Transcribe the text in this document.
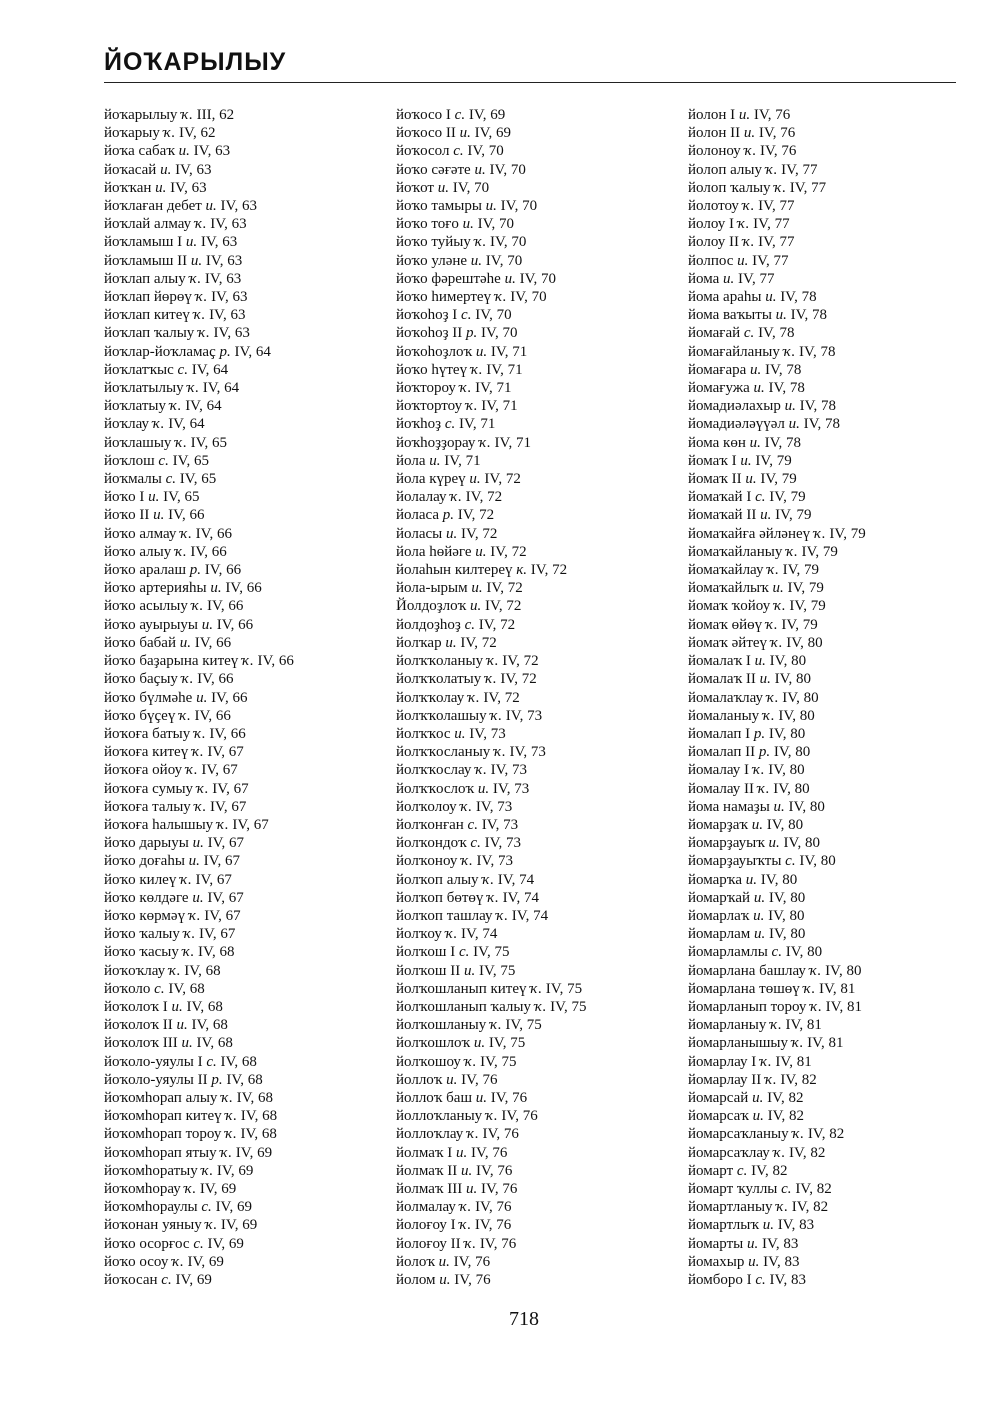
ЙОҠАРЫЛЫУ
йоҡарылыу ҡ. III, 62
йоҡарыу ҡ. IV, 62
йоҡа сабаҡ и. IV, 63
йоҡасай и. IV, 63
йоҡҡан и. IV, 63
йоҡлаған дебет и. IV, 63
йоҡлай алмау ҡ. IV, 63
йоҡламыш I и. IV, 63
йоҡламыш II и. IV, 63
йоҡлап алыу ҡ. IV, 63
йоҡлап йөрөү ҡ. IV, 63
йоҡлап китеү ҡ. IV, 63
йоҡлап ҡалыу ҡ. IV, 63
йоҡлар-йоҡламаҫ р. IV, 64
йоҡлатҡыс с. IV, 64
йоҡлатылыу ҡ. IV, 64
йоҡлатыу ҡ. IV, 64
йоҡлау ҡ. IV, 64
йоҡлашыу ҡ. IV, 65
йоҡлош с. IV, 65
йоҡмалы с. IV, 65
йоҡо I и. IV, 65
йоҡо II и. IV, 66
йоҡо алмау ҡ. IV, 66
йоҡо алыу ҡ. IV, 66
йоҡо аралаш р. IV, 66
йоҡо артерияһы и. IV, 66
йоҡо асылыу ҡ. IV, 66
йоҡо ауырыуы и. IV, 66
йоҡо бабай и. IV, 66
йоҡо баҙарына китеү ҡ. IV, 66
йоҡо баҫыу ҡ. IV, 66
йоҡо бүлмәһе и. IV, 66
йоҡо бүҫеү ҡ. IV, 66
йоҡоға батыу ҡ. IV, 66
йоҡоға китеү ҡ. IV, 67
йоҡоға ойоу ҡ. IV, 67
йоҡоға сумыу ҡ. IV, 67
йоҡоға талыу ҡ. IV, 67
йоҡоға һалышыу ҡ. IV, 67
йоҡо дарыуы и. IV, 67
йоҡо доғаһы и. IV, 67
йоҡо килеү ҡ. IV, 67
йоҡо көлдәге и. IV, 67
йоҡо көрмәү ҡ. IV, 67
йоҡо ҡалыу ҡ. IV, 67
йоҡо ҡасыу ҡ. IV, 68
йоҡоҡлау ҡ. IV, 68
йоҡоло с. IV, 68
йоҡолоҡ I и. IV, 68
йоҡолоҡ II и. IV, 68
йоҡолоҡ III и. IV, 68
йоҡоло-уяулы I с. IV, 68
йоҡоло-уяулы II р. IV, 68
йоҡомһорап алыу ҡ. IV, 68
йоҡомһорап китеү ҡ. IV, 68
йоҡомһорап тороу ҡ. IV, 68
йоҡомһорап ятыу ҡ. IV, 69
йоҡомһоратыу ҡ. IV, 69
йоҡомһорау ҡ. IV, 69
йоҡомһораулы с. IV, 69
йоҡонан уяныу ҡ. IV, 69
йоҡо осорғос с. IV, 69
йоҡо осоу ҡ. IV, 69
йоҡосан с. IV, 69
йоҡосо I с. IV, 69
йоҡосо II и. IV, 69
йоҡосол с. IV, 70
йоҡо сәғәте и. IV, 70
йоҡот и. IV, 70
йоҡо тамыры и. IV, 70
йоҡо тоғо и. IV, 70
йоҡо туйыу ҡ. IV, 70
йоҡо уләне и. IV, 70
йоҡо фәрештәһе и. IV, 70
йоҡо һимертеү ҡ. IV, 70
йоҡоһоҙ I с. IV, 70
йоҡоһоҙ II р. IV, 70
йоҡоһоҙлоҡ и. IV, 71
йоҡо һүтеү ҡ. IV, 71
йоҡтороу ҡ. IV, 71
йоҡтортоу ҡ. IV, 71
йоҡһоҙ с. IV, 71
йоҡһоҙҙорау ҡ. IV, 71
йола и. IV, 71
йола күреү и. IV, 72
йолалау ҡ. IV, 72
йоласа р. IV, 72
йоласы и. IV, 72
йола һөйәге и. IV, 72
йолаһын килтереү к. IV, 72
йола-ырым и. IV, 72
Йолдоҙлоҡ и. IV, 72
йолдоҙһоҙ с. IV, 72
йолҡар и. IV, 72
йолҡҡоланыу ҡ. IV, 72
йолҡҡолатыу ҡ. IV, 72
йолҡҡолау ҡ. IV, 72
йолҡҡолашыу ҡ. IV, 73
йолҡҡос и. IV, 73
йолҡҡосланыу ҡ. IV, 73
йолҡҡослау ҡ. IV, 73
йолҡҡослоҡ и. IV, 73
йолҡолоу ҡ. IV, 73
йолҡонған с. IV, 73
йолҡондоҡ с. IV, 73
йолҡоноу ҡ. IV, 73
йолҡоп алыу ҡ. IV, 74
йолҡоп бөтөү ҡ. IV, 74
йолҡоп ташлау ҡ. IV, 74
йолҡоу ҡ. IV, 74
йолҡош I с. IV, 75
йолҡош II и. IV, 75
йолҡошланып китеү ҡ. IV, 75
йолҡошланып ҡалыу ҡ. IV, 75
йолҡошланыу ҡ. IV, 75
йолҡошлоҡ и. IV, 75
йолҡошоу ҡ. IV, 75
йоллоҡ и. IV, 76
йоллоҡ баш и. IV, 76
йоллоҡланыу ҡ. IV, 76
йоллоҡлау ҡ. IV, 76
йолмаҡ I и. IV, 76
йолмаҡ II и. IV, 76
йолмаҡ III и. IV, 76
йолмалау ҡ. IV, 76
йолоғоу I ҡ. IV, 76
йолоғоу II ҡ. IV, 76
йолоҡ и. IV, 76
йолом и. IV, 76
йолон I и. IV, 76
йолон II и. IV, 76
йолоноу ҡ. IV, 76
йолоп алыу ҡ. IV, 77
йолоп ҡалыу ҡ. IV, 77
йолотоу ҡ. IV, 77
йолоу I ҡ. IV, 77
йолоу II ҡ. IV, 77
йолпос и. IV, 77
йома и. IV, 77
йома араһы и. IV, 78
йома ваҡыты и. IV, 78
йомағай с. IV, 78
йомағайланыу ҡ. IV, 78
йомағара и. IV, 78
йомағужа и. IV, 78
йомадиәлахыр и. IV, 78
йомадиәләүүәл и. IV, 78
йома көн и. IV, 78
йомаҡ I и. IV, 79
йомаҡ II и. IV, 79
йомаҡай I с. IV, 79
йомаҡай II и. IV, 79
йомаҡайға әйләнеү ҡ. IV, 79
йомаҡайланыу ҡ. IV, 79
йомаҡайлау ҡ. IV, 79
йомаҡайлыҡ и. IV, 79
йомаҡ ҡойоу ҡ. IV, 79
йомаҡ өйөү ҡ. IV, 79
йомаҡ әйтеү ҡ. IV, 80
йомалаҡ I и. IV, 80
йомалаҡ II и. IV, 80
йомалаҡлау ҡ. IV, 80
йомаланыу ҡ. IV, 80
йомалап I р. IV, 80
йомалап II р. IV, 80
йомалау I ҡ. IV, 80
йомалау II ҡ. IV, 80
йома намаҙы и. IV, 80
йомарҙаҡ и. IV, 80
йомарҙауыҡ и. IV, 80
йомарҙауыҡты с. IV, 80
йомарҡа и. IV, 80
йомарҡай и. IV, 80
йомарлаҡ и. IV, 80
йомарлам и. IV, 80
йомарламлы с. IV, 80
йомарлана башлау ҡ. IV, 80
йомарлана төшөү ҡ. IV, 81
йомарланып тороу ҡ. IV, 81
йомарланыу ҡ. IV, 81
йомарланышыу ҡ. IV, 81
йомарлау I ҡ. IV, 81
йомарлау II ҡ. IV, 82
йомарсай и. IV, 82
йомарсаҡ и. IV, 82
йомарсаҡланыу ҡ. IV, 82
йомарсаҡлау ҡ. IV, 82
йомарт с. IV, 82
йомарт ҡуллы с. IV, 82
йомартланыу ҡ. IV, 82
йомартлыҡ и. IV, 83
йомарты и. IV, 83
йомахыр и. IV, 83
йомборо I с. IV, 83
718
